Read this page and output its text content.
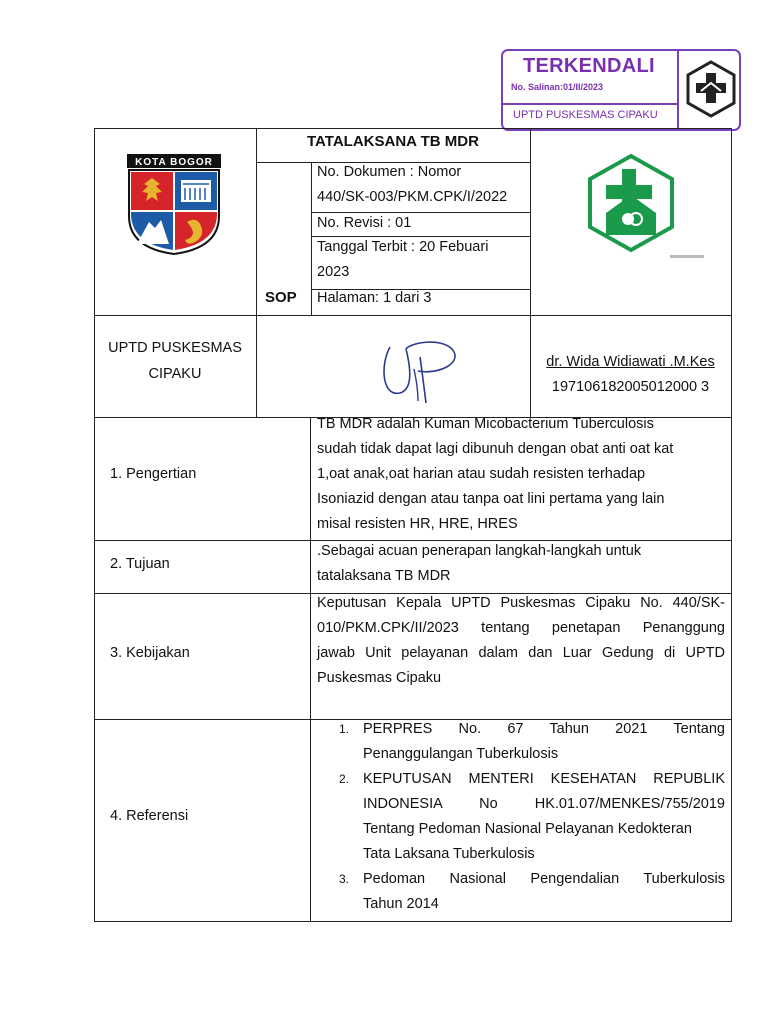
TERKENDALI
No. Salinan:01/II/2023
UPTD PUSKESMAS CIPAKU
KOTA BOGOR
TATALAKSANA TB MDR
SOP
No. Dokumen : Nomor
440/SK-003/PKM.CPK/I/2022
No. Revisi : 01
Tanggal Terbit : 20 Febuari
2023
Halaman: 1 dari 3
UPTD PUSKESMAS
CIPAKU
dr. Wida Widiawati .M.Kes
197106182005012000 3
1. Pengertian
TB MDR adalah Kuman Micobacterium Tuberculosis
sudah tidak dapat lagi dibunuh dengan obat anti oat kat
1,oat anak,oat harian atau sudah resisten terhadap
Isoniazid dengan atau tanpa oat lini pertama yang lain
misal resisten HR, HRE, HRES
2. Tujuan
.Sebagai acuan penerapan langkah-langkah untuk
tatalaksana TB MDR
3. Kebijakan
Keputusan Kepala UPTD Puskesmas Cipaku No. 440/SK-
010/PKM.CPK/II/2023 tentang penetapan Penanggung
jawab Unit pelayanan dalam dan Luar Gedung di UPTD
Puskesmas Cipaku
4. Referensi
1. PERPRES No. 67 Tahun 2021 Tentang
Penanggulangan Tuberkulosis
2. KEPUTUSAN MENTERI KESEHATAN REPUBLIK
INDONESIA No HK.01.07/MENKES/755/2019
Tentang Pedoman Nasional Pelayanan Kedokteran
Tata Laksana Tuberkulosis
3. Pedoman Nasional Pengendalian Tuberkulosis
Tahun 2014
